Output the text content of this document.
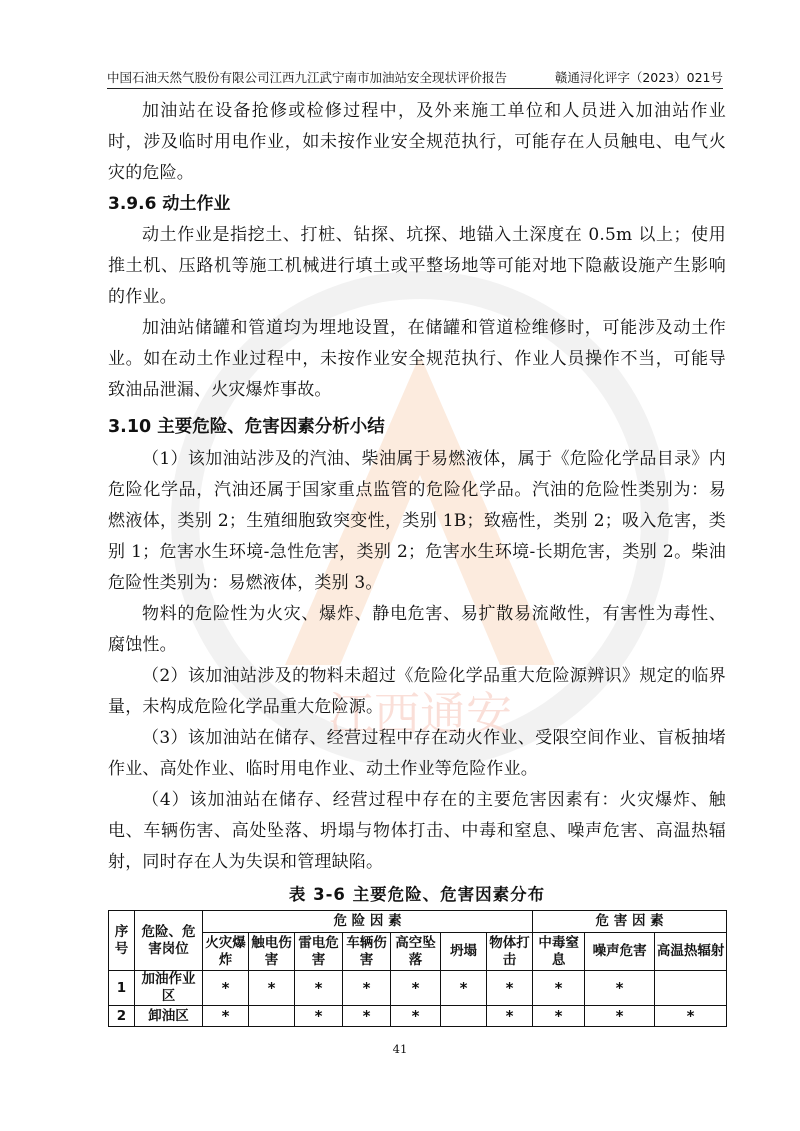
江西通安
中国石油天然气股份有限公司江西九江武宁南市加油站安全现状评价报告	赣通浔化评字（2023）021号

加油站在设备抢修或检修过程中，及外来施工单位和人员进入加油站作业时，涉及临时用电作业，如未按作业安全规范执行，可能存在人员触电、电气火灾的危险。

3.9.6 动土作业

动土作业是指挖土、打桩、钻探、坑探、地锚入土深度在 0.5m 以上；使用推土机、压路机等施工机械进行填土或平整场地等可能对地下隐蔽设施产生影响的作业。

加油站储罐和管道均为埋地设置，在储罐和管道检维修时，可能涉及动土作业。如在动土作业过程中，未按作业安全规范执行、作业人员操作不当，可能导致油品泄漏、火灾爆炸事故。

3.10 主要危险、危害因素分析小结

（1）该加油站涉及的汽油、柴油属于易燃液体，属于《危险化学品目录》内危险化学品，汽油还属于国家重点监管的危险化学品。汽油的危险性类别为：易燃液体，类别 2；生殖细胞致突变性，类别 1B；致癌性，类别 2；吸入危害，类别 1；危害水生环境-急性危害，类别 2；危害水生环境-长期危害，类别 2。柴油危险性类别为：易燃液体，类别 3。

物料的危险性为火灾、爆炸、静电危害、易扩散易流敞性，有害性为毒性、腐蚀性。

（2）该加油站涉及的物料未超过《危险化学品重大危险源辨识》规定的临界量，未构成危险化学品重大危险源。

（3）该加油站在储存、经营过程中存在动火作业、受限空间作业、盲板抽堵作业、高处作业、临时用电作业、动土作业等危险作业。

（4）该加油站在储存、经营过程中存在的主要危害因素有：火灾爆炸、触电、车辆伤害、高处坠落、坍塌与物体打击、中毒和窒息、噪声危害、高温热辐射，同时存在人为失误和管理缺陷。

表 3-6 主要危险、危害因素分布
序号	危险、危害岗位	危 险 因 素							危 害 因 素		
		火灾爆炸	触电伤害	雷电危害	车辆伤害	高空坠落	坍塌	物体打击	中毒窒息	噪声危害	高温热辐射
1	加油作业区	*	*	*	*	*	*	*	*	*	
2	卸油区	*		*	*	*		*	*	*	*
41
